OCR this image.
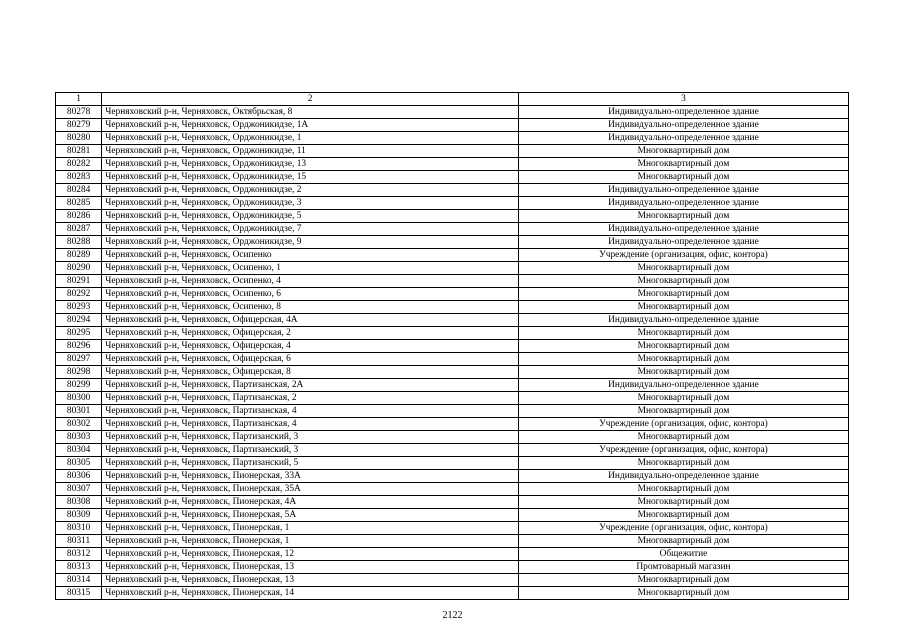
1	2	3
80278	Черняховский р-н, Черняховск, Октябрьская, 8	Индивидуально-определенное здание
80279	Черняховский р-н, Черняховск, Орджоникидзе, 1А	Индивидуально-определенное здание
80280	Черняховский р-н, Черняховск, Орджоникидзе, 1	Индивидуально-определенное здание
80281	Черняховский р-н, Черняховск, Орджоникидзе, 11	Многоквартирный дом
80282	Черняховский р-н, Черняховск, Орджоникидзе, 13	Многоквартирный дом
80283	Черняховский р-н, Черняховск, Орджоникидзе, 15	Многоквартирный дом
80284	Черняховский р-н, Черняховск, Орджоникидзе, 2	Индивидуально-определенное здание
80285	Черняховский р-н, Черняховск, Орджоникидзе, 3	Индивидуально-определенное здание
80286	Черняховский р-н, Черняховск, Орджоникидзе, 5	Многоквартирный дом
80287	Черняховский р-н, Черняховск, Орджоникидзе, 7	Индивидуально-определенное здание
80288	Черняховский р-н, Черняховск, Орджоникидзе, 9	Индивидуально-определенное здание
80289	Черняховский р-н, Черняховск, Осипенко	Учреждение (организация, офис, контора)
80290	Черняховский р-н, Черняховск, Осипенко, 1	Многоквартирный дом
80291	Черняховский р-н, Черняховск, Осипенко, 4	Многоквартирный дом
80292	Черняховский р-н, Черняховск, Осипенко, 6	Многоквартирный дом
80293	Черняховский р-н, Черняховск, Осипенко, 8	Многоквартирный дом
80294	Черняховский р-н, Черняховск, Офицерская, 4А	Индивидуально-определенное здание
80295	Черняховский р-н, Черняховск, Офицерская, 2	Многоквартирный дом
80296	Черняховский р-н, Черняховск, Офицерская, 4	Многоквартирный дом
80297	Черняховский р-н, Черняховск, Офицерская, 6	Многоквартирный дом
80298	Черняховский р-н, Черняховск, Офицерская, 8	Многоквартирный дом
80299	Черняховский р-н, Черняховск, Партизанская, 2А	Индивидуально-определенное здание
80300	Черняховский р-н, Черняховск, Партизанская, 2	Многоквартирный дом
80301	Черняховский р-н, Черняховск, Партизанская, 4	Многоквартирный дом
80302	Черняховский р-н, Черняховск, Партизанская, 4	Учреждение (организация, офис, контора)
80303	Черняховский р-н, Черняховск, Партизанский, 3	Многоквартирный дом
80304	Черняховский р-н, Черняховск, Партизанский, 3	Учреждение (организация, офис, контора)
80305	Черняховский р-н, Черняховск, Партизанский, 5	Многоквартирный дом
80306	Черняховский р-н, Черняховск, Пионерская, 33А	Индивидуально-определенное здание
80307	Черняховский р-н, Черняховск, Пионерская, 35А	Многоквартирный дом
80308	Черняховский р-н, Черняховск, Пионерская, 4А	Многоквартирный дом
80309	Черняховский р-н, Черняховск, Пионерская, 5А	Многоквартирный дом
80310	Черняховский р-н, Черняховск, Пионерская, 1	Учреждение (организация, офис, контора)
80311	Черняховский р-н, Черняховск, Пионерская, 1	Многоквартирный дом
80312	Черняховский р-н, Черняховск, Пионерская, 12	Общежитие
80313	Черняховский р-н, Черняховск, Пионерская, 13	Промтоварный магазин
80314	Черняховский р-н, Черняховск, Пионерская, 13	Многоквартирный дом
80315	Черняховский р-н, Черняховск, Пионерская, 14	Многоквартирный дом
2122
